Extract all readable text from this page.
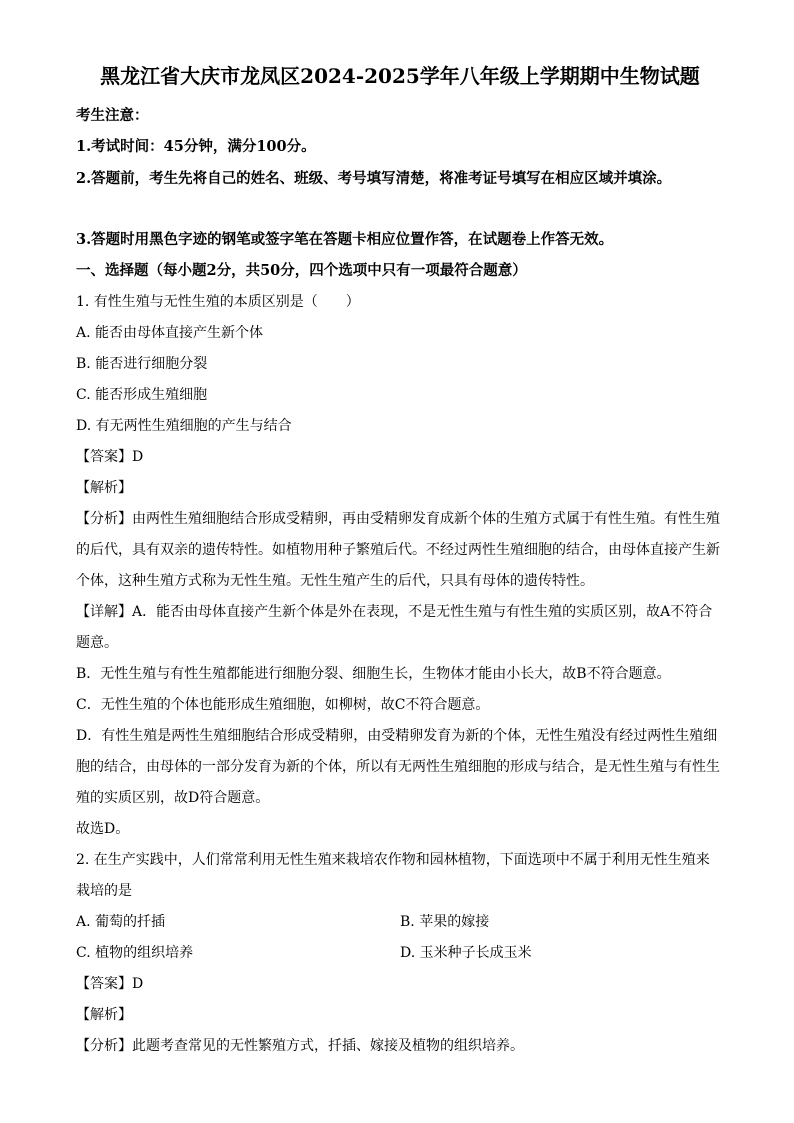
黑龙江省大庆市龙凤区2024-2025学年八年级上学期期中生物试题
考生注意：
1.考试时间：45分钟，满分100分。
2.答题前，考生先将自己的姓名、班级、考号填写清楚，将准考证号填写在相应区域并填涂。
3.答题时用黑色字迹的钢笔或签字笔在答题卡相应位置作答，在试题卷上作答无效。
一、选择题（每小题2分，共50分，四个选项中只有一项最符合题意）
1. 有性生殖与无性生殖的本质区别是（　　）
A. 能否由母体直接产生新个体
B. 能否进行细胞分裂
C. 能否形成生殖细胞
D. 有无两性生殖细胞的产生与结合
【答案】D
【解析】
【分析】由两性生殖细胞结合形成受精卵，再由受精卵发育成新个体的生殖方式属于有性生殖。有性生殖的后代，具有双亲的遗传特性。如植物用种子繁殖后代。不经过两性生殖细胞的结合，由母体直接产生新个体，这种生殖方式称为无性生殖。无性生殖产生的后代，只具有母体的遗传特性。
【详解】A．能否由母体直接产生新个体是外在表现，不是无性生殖与有性生殖的实质区别，故A不符合题意。
B．无性生殖与有性生殖都能进行细胞分裂、细胞生长，生物体才能由小长大，故B不符合题意。
C．无性生殖的个体也能形成生殖细胞，如柳树，故C不符合题意。
D．有性生殖是两性生殖细胞结合形成受精卵，由受精卵发育为新的个体，无性生殖没有经过两性生殖细胞的结合，由母体的一部分发育为新的个体，所以有无两性生殖细胞的形成与结合，是无性生殖与有性生殖的实质区别，故D符合题意。
故选D。
2. 在生产实践中，人们常常利用无性生殖来栽培农作物和园林植物，下面选项中不属于利用无性生殖来栽培的是
A. 葡萄的扦插	B. 苹果的嫁接
C. 植物的组织培养	D. 玉米种子长成玉米
【答案】D
【解析】
【分析】此题考查常见的无性繁殖方式，扦插、嫁接及植物的组织培养。
